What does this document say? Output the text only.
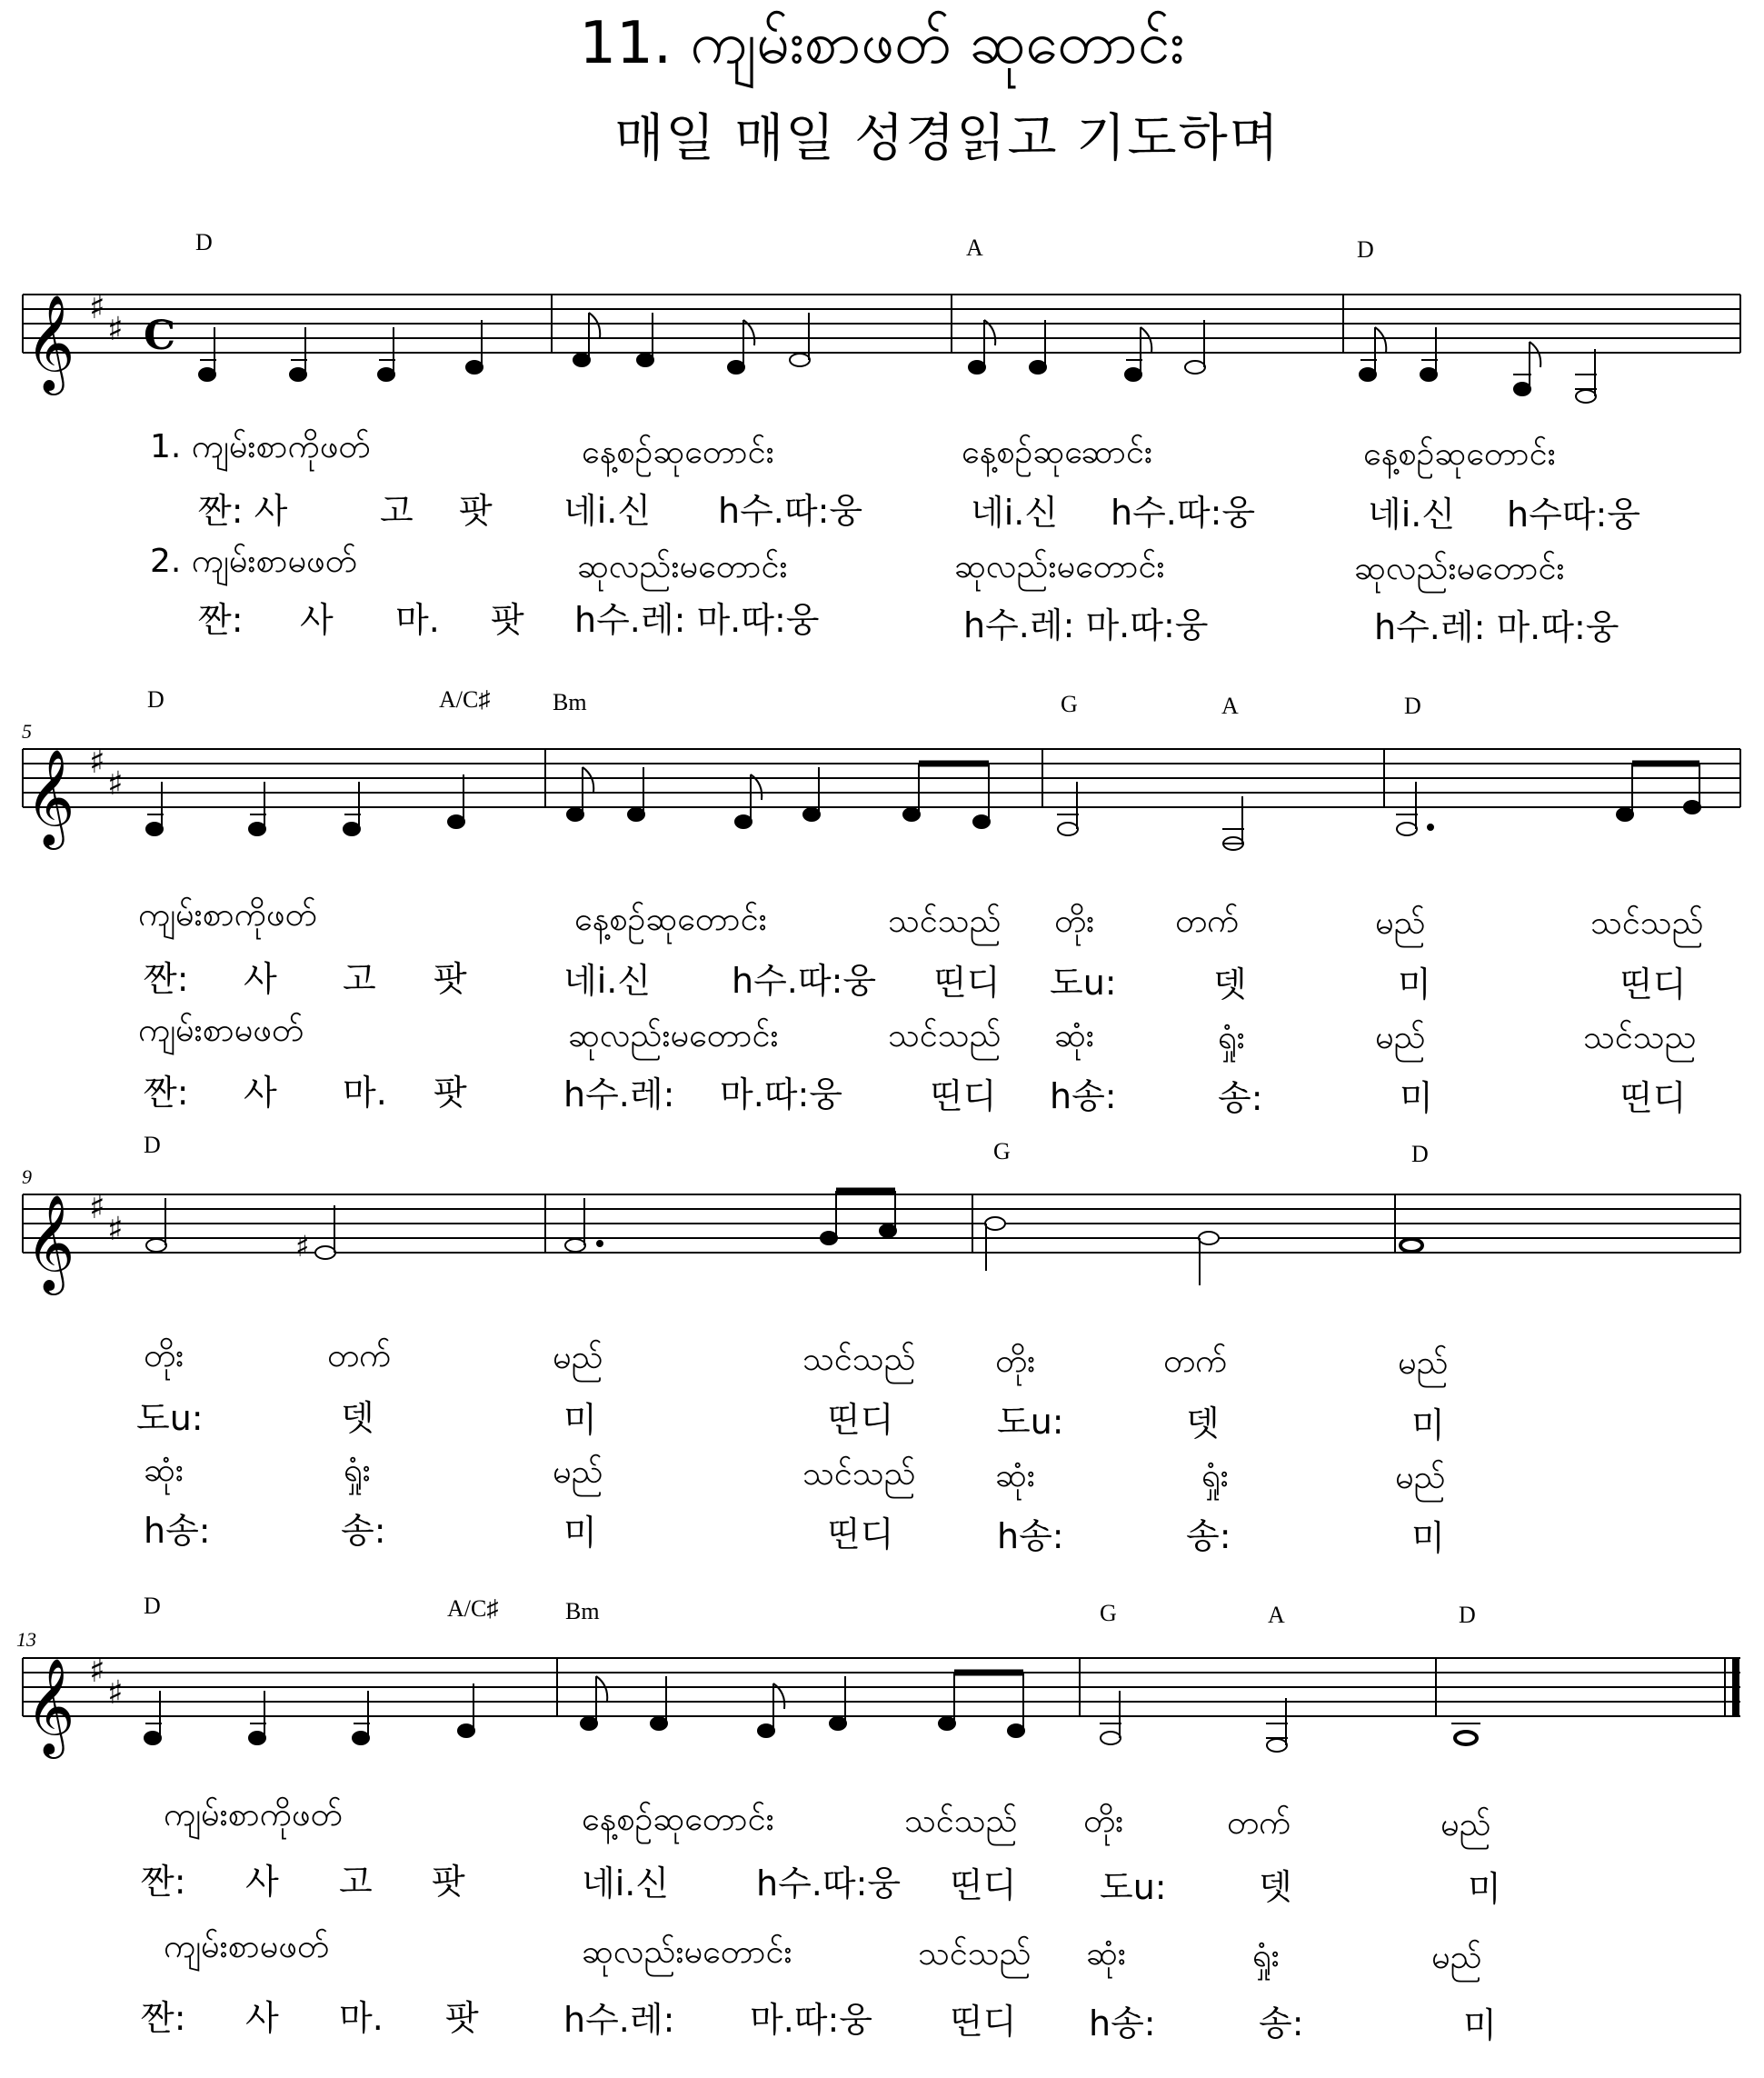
11. ကျမ်းစာဖတ် ဆုတောင်း
매일 매일 성경읽고 기도하며
D	A	D
𝄞 ♯
♯ C
1. ကျမ်းစာကိုဖတ်	နေ့စဉ်ဆုတောင်း	နေ့စဉ်ဆုဆောင်း	နေ့စဉ်ဆုတောင်း
짠: 사	고 팟 네i.신 h수.따:웅	네i.신 h수.따:웅	네i.신 h수따:웅
2. ကျမ်းစာမဖတ်	ဆုလည်းမတောင်း	ဆုလည်းမတောင်း	ဆုလည်းမတောင်း
짠: 사 마. 팟 h수.레: 마.따:웅	h수.레: 마.따:웅	h수.레: 마.따:웅
5
D	A/C♯	Bm	G	A	D
𝄞 ♯
♯
ကျမ်းစာကိုဖတ်	နေ့စဉ်ဆုတောင်း	သင်သည် တိုး တက်	မည်	သင်သည်
짠: 사 고 팟	네i.신 h수.따:웅 띤디 도u:	뎃	미	띤디
ကျမ်းစာမဖတ်	ဆုလည်းမတောင်း	သင်သည် ဆုံး	ရှုံး	မည်	သင်သည
짠: 사 마. 팟	h수.레: 마.따:웅	띤디 h송:	송:	미	띤디
9
D	G	D
𝄞 ♯
♯	♯
တိုး	တက်	မည်	သင်သည် တိုး	တက်	မည်
도u:	뎃	미	띤디	도u:	뎃	미
ဆုံး	ရှုံး	မည်	သင်သည် ဆုံး	ရှုံး	မည်
h송:	송:	미	띤디	h송:	송:	미
13
D	A/C♯	Bm	G	A	D
𝄞 ♯
♯
ကျမ်းစာကိုဖတ်	နေ့စဉ်ဆုတောင်း	သင်သည် တိုး	တက်	မည်
짠: 사 고 팟	네i.신	h수.따:웅 띤디 도u:	뎃	미
ကျမ်းစာမဖတ်	ဆုလည်းမတောင်း	သင်သည် ဆုံး	ရှုံး	မည်
짠: 사 마. 팟 h수.레: 마.따:웅 띤디 h송:	송:	미
